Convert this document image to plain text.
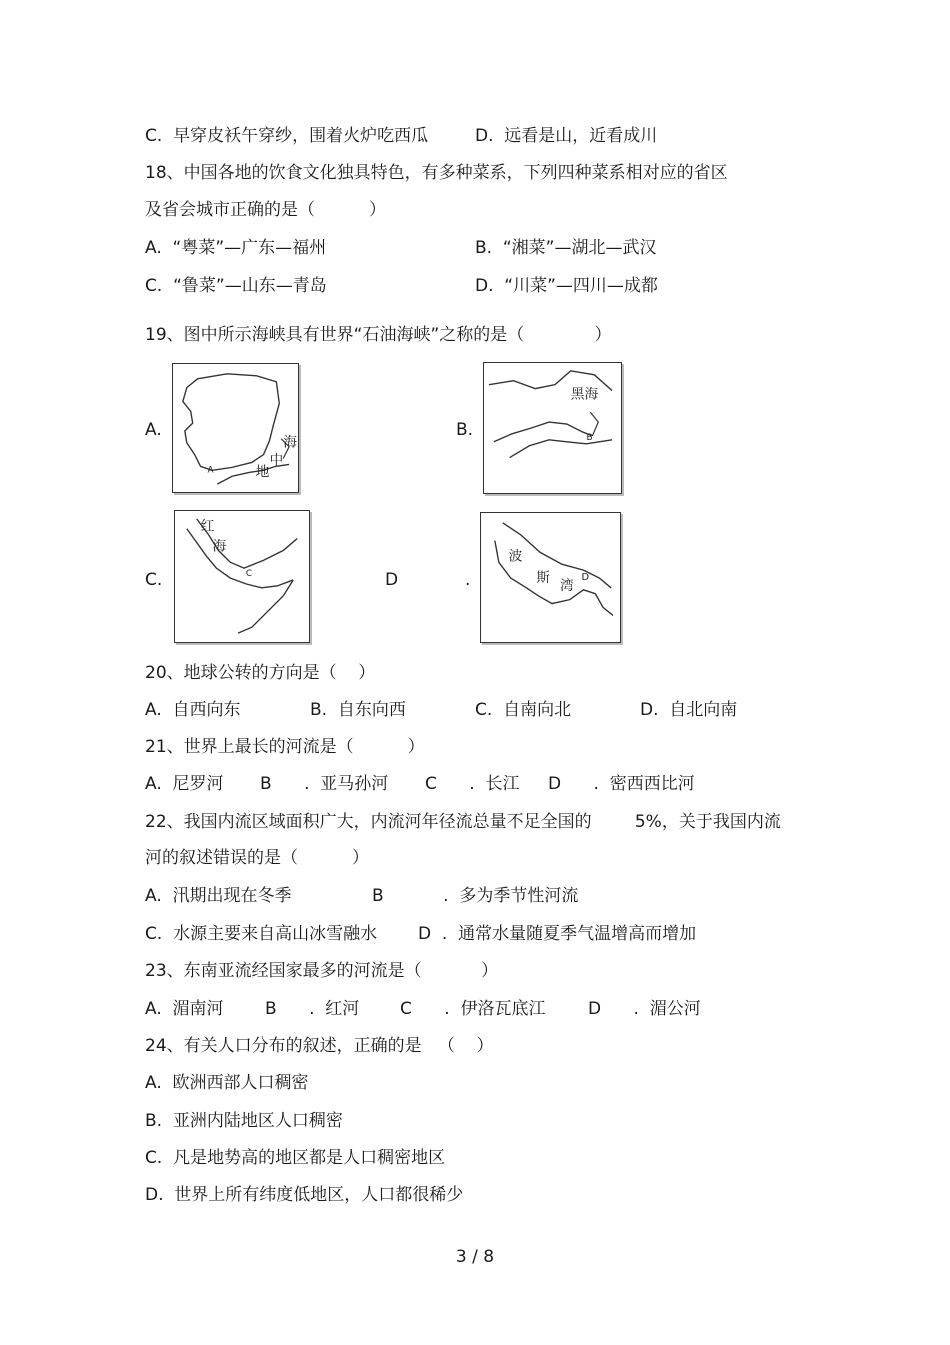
C.  早穿皮袄午穿纱，围着火炉吃西瓜	D.  远看是山，近看成川
18、中国各地的饮食文化独具特色，有多种菜系，下列四种菜系相对应的省区
及省会城市正确的是（          ）
A.  “粤菜”—广东—福州	B.  “湘菜”—湖北—武汉
C.  “鲁菜”—山东—青岛	D.  “川菜”—四川—成都
19、图中所示海峡具有世界“石油海峡”之称的是（             ）
A.
海
中
地
A
B.
黑海
B
C.
红
海
C	D	.
波
斯 湾
D
20、地球公转的方向是（    ）
A.  自西向东	B.  自东向西	C.  自南向北	D.  自北向南
21、世界上最长的河流是（          ）
A.  尼罗河 B      .  亚马孙河 C      .  长江 D      .  密西西比河
22、我国内流区域面积广大，内流河年径流总量不足全国的        5%，关于我国内流
河的叙述错误的是（          ）
A.  汛期出现在冬季	B           .  多为季节性河流
C.  水源主要来自高山冰雪融水 D  .  通常水量随夏季气温增高而增加
23、东南亚流经国家最多的河流是（           ）
A.  湄南河 B      .  红河 C      .  伊洛瓦底江 D      .  湄公河
24、有关人口分布的叙述，正确的是   （    ）
A.  欧洲西部人口稠密
B.  亚洲内陆地区人口稠密
C.  凡是地势高的地区都是人口稠密地区
D.  世界上所有纬度低地区，人口都很稀少
3 / 8
